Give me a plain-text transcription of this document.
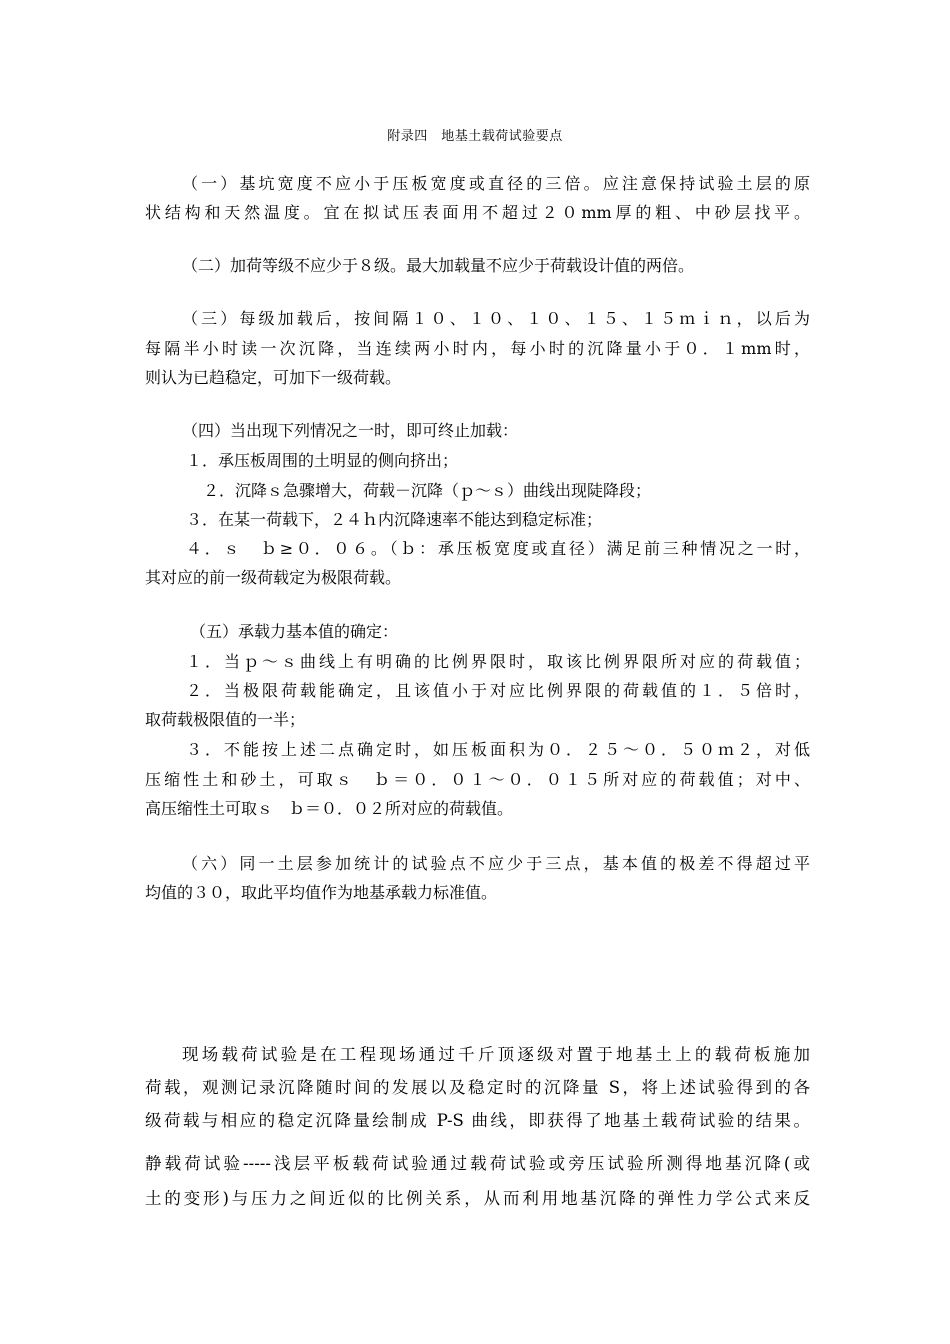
附录四　地基土载荷试验要点
（一）基坑宽度不应小于压板宽度或直径的三倍。应注意保持试验土层的原
状结构和天然温度。宜在拟试压表面用不超过２０mm厚的粗、中砂层找平。
（二）加荷等级不应少于８级。最大加载量不应少于荷载设计值的两倍。
（三）每级加载后，按间隔１０、１０、１０、１５、１５ｍｉｎ，以后为
每隔半小时读一次沉降，当连续两小时内，每小时的沉降量小于０．１mm时，
则认为已趋稳定，可加下一级荷载。
（四）当出现下列情况之一时，即可终止加载：
１．承压板周围的土明显的侧向挤出；
２．沉降ｓ急骤增大，荷载－沉降（ｐ～ｓ）曲线出现陡降段；
３．在某一荷载下，２４ｈ内沉降速率不能达到稳定标准；
４．ｓ　ｂ≥０．０６。（ｂ：承压板宽度或直径）满足前三种情况之一时，
其对应的前一级荷载定为极限荷载。
（五）承载力基本值的确定：
１．当ｐ～ｓ曲线上有明确的比例界限时，取该比例界限所对应的荷载值；
２．当极限荷载能确定，且该值小于对应比例界限的荷载值的１．５倍时，
取荷载极限值的一半；
３．不能按上述二点确定时，如压板面积为０．２５～０．５０ｍ２，对低
压缩性土和砂土，可取ｓ　ｂ＝０．０１～０．０１５所对应的荷载值；对中、
高压缩性土可取ｓ　ｂ＝０．０２所对应的荷载值。
（六）同一土层参加统计的试验点不应少于三点，基本值的极差不得超过平
均值的３０，取此平均值作为地基承载力标准值。
现场载荷试验是在工程现场通过千斤顶逐级对置于地基土上的载荷板施加
荷载，观测记录沉降随时间的发展以及稳定时的沉降量 S，将上述试验得到的各
级荷载与相应的稳定沉降量绘制成 P-S 曲线，即获得了地基土载荷试验的结果。
静载荷试验-----浅层平板载荷试验通过载荷试验或旁压试验所测得地基沉降(或
土的变形)与压力之间近似的比例关系，从而利用地基沉降的弹性力学公式来反
